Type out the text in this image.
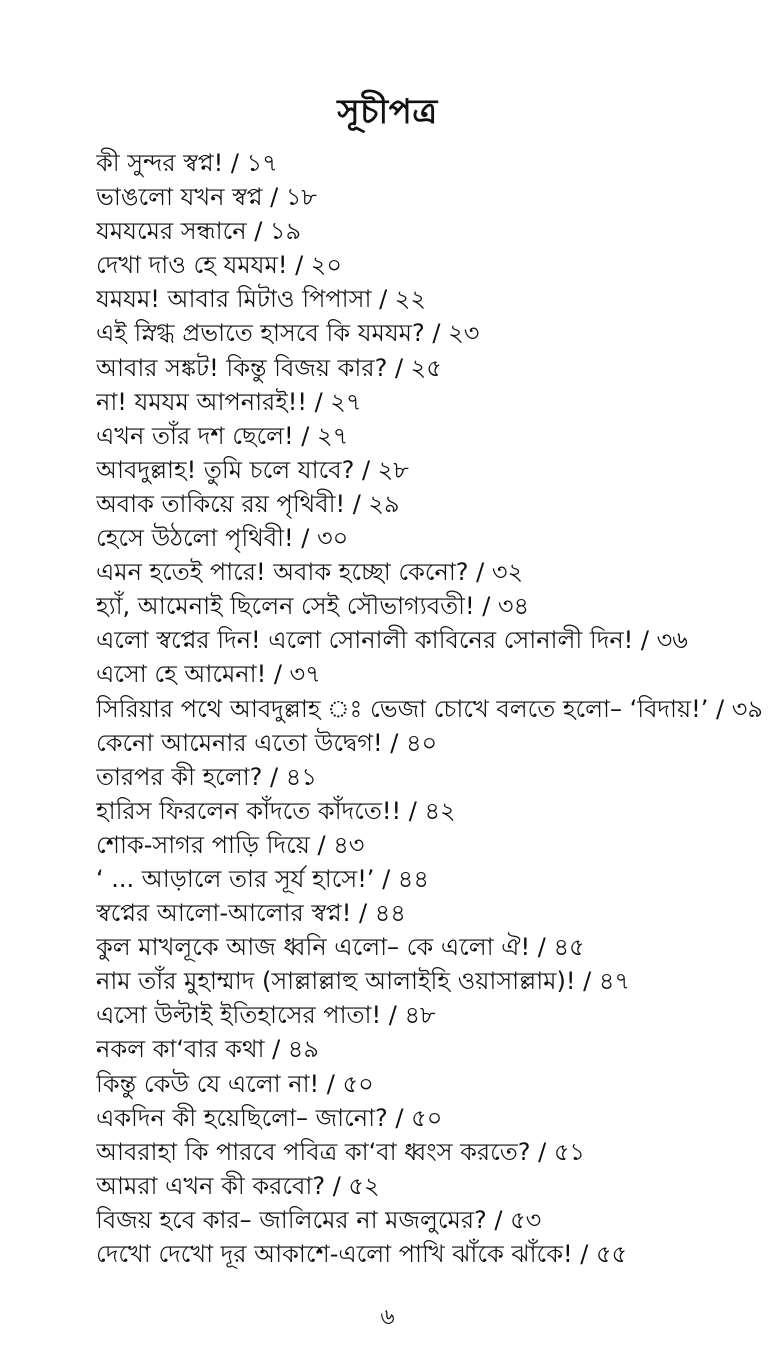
সূচীপত্র
কী সুন্দর স্বপ্ন! / ১৭
ভাঙলো যখন স্বপ্ন / ১৮
যমযমের সন্ধানে / ১৯
দেখা দাও হে যমযম! / ২০
যমযম! আবার মিটাও পিপাসা / ২২
এই স্নিগ্ধ প্রভাতে হাসবে কি যমযম? / ২৩
আবার সঙ্কট! কিন্তু বিজয় কার? / ২৫
না! যমযম আপনারই!! / ২৭
এখন তাঁর দশ ছেলে! / ২৭
আবদুল্লাহ! তুমি চলে যাবে? / ২৮
অবাক তাকিয়ে রয় পৃথিবী! / ২৯
হেসে উঠলো পৃথিবী! / ৩০
এমন হতেই পারে! অবাক হচ্ছো কেনো? / ৩২
হ্যাঁ, আমেনাই ছিলেন সেই সৌভাগ্যবতী! / ৩৪
এলো স্বপ্নের দিন! এলো সোনালী কাবিনের সোনালী দিন! / ৩৬
এসো হে আমেনা! / ৩৭
সিরিয়ার পথে আবদুল্লাহ ঃ ভেজা চোখে বলতে হলো– ‘বিদায়!’ / ৩৯
কেনো আমেনার এতো উদ্বেগ! / ৪০
তারপর কী হলো? / ৪১
হারিস ফিরলেন কাঁদতে কাঁদতে!! / ৪২
শোক-সাগর পাড়ি দিয়ে / ৪৩
‘ ... আড়ালে তার সূর্য হাসে!’ / ৪৪
স্বপ্নের আলো-আলোর স্বপ্ন! / ৪৪
কুল মাখলূকে আজ ধ্বনি এলো– কে এলো ঐ! / ৪৫
নাম তাঁর মুহাম্মাদ (সাল্লাল্লাহু আলাইহি ওয়াসাল্লাম)! / ৪৭
এসো উল্টাই ইতিহাসের পাতা! / ৪৮
নকল কা‘বার কথা / ৪৯
কিন্তু কেউ যে এলো না! / ৫০
একদিন কী হয়েছিলো– জানো? / ৫০
আবরাহা কি পারবে পবিত্র কা‘বা ধ্বংস করতে? / ৫১
আমরা এখন কী করবো? / ৫২
বিজয় হবে কার– জালিমের না মজলুমের? / ৫৩
দেখো দেখো দূর আকাশে-এলো পাখি ঝাঁকে ঝাঁকে! / ৫৫
৬
